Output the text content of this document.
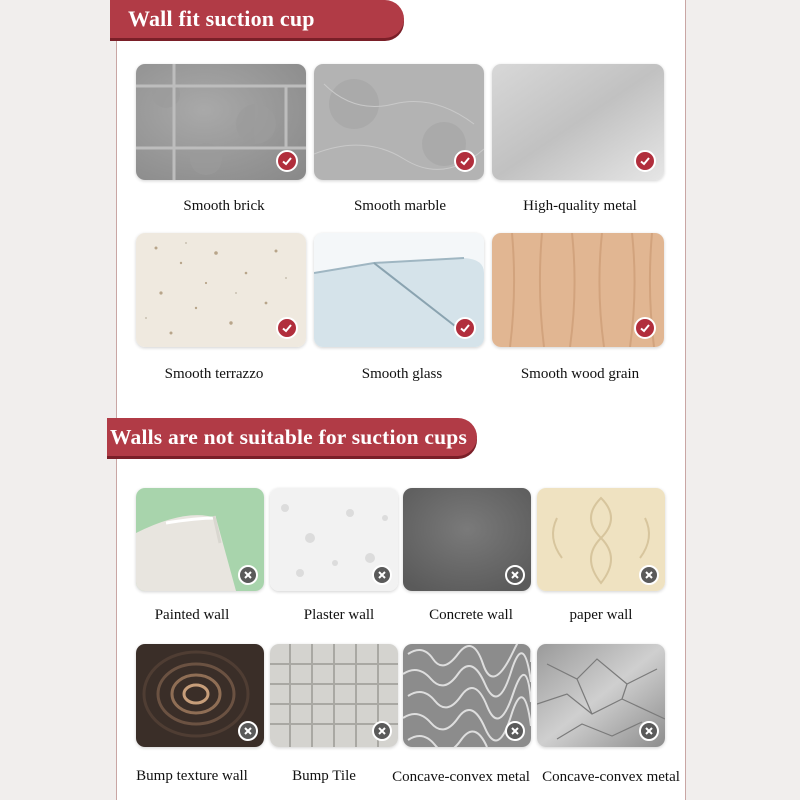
Wall fit suction cup
Smooth brick	Smooth marble	High-quality metal
Smooth terrazzo	Smooth glass	Smooth wood grain
Walls are not suitable for suction cups
Painted wall	Plaster wall	Concrete wall	paper wall
Bump texture wall	Bump Tile	Concave-convex metal Concave-convex metal
